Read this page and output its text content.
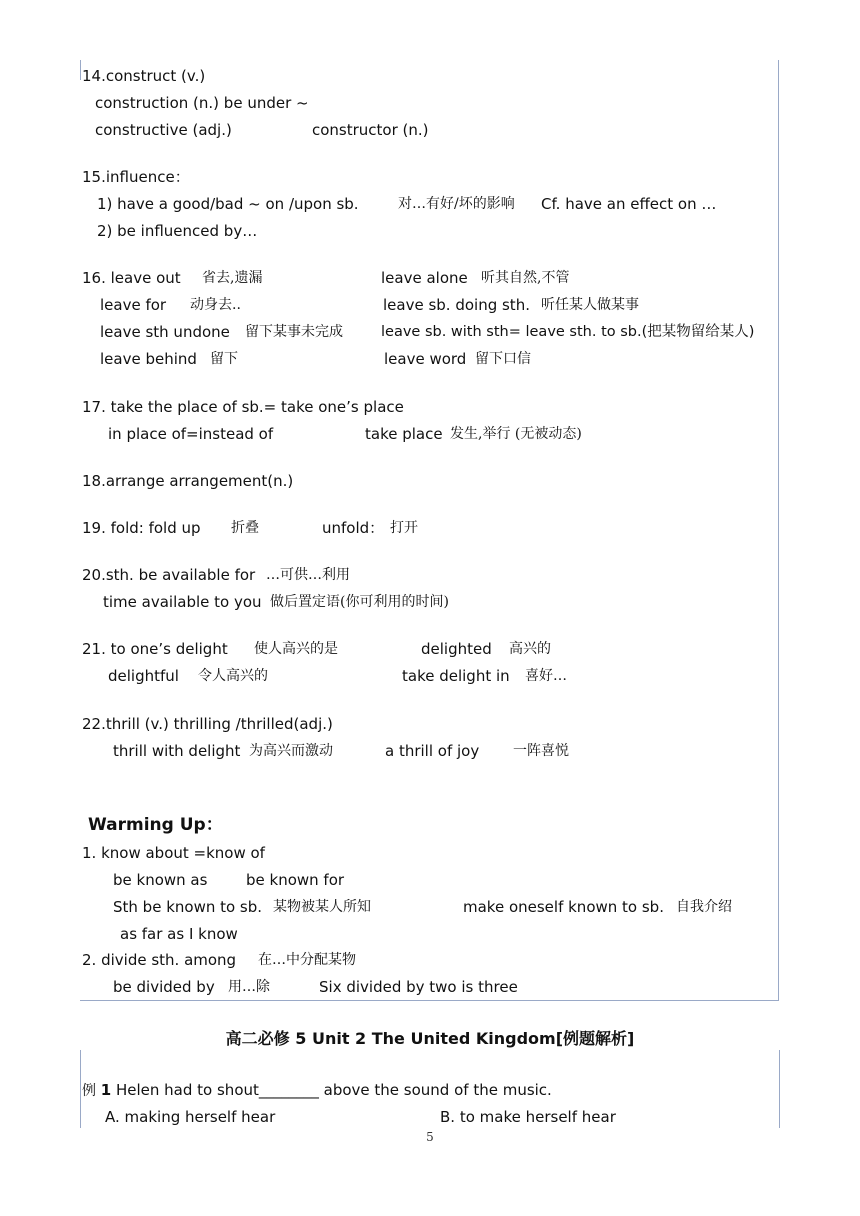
14.construct (v.)
construction (n.) be under ~
constructive (adj.)	constructor (n.)
15.influence：
1) have a good/bad ~ on /upon sb.	对…有好/坏的影响 Cf. have an effect on …
2) be influenced by…
16. leave out 省去,遗漏	leave alone 听其自然,不管
leave for 动身去..	leave sb. doing sth. 听任某人做某事
leave sth undone 留下某事未完成	leave sb. with sth= leave sth. to sb.(把某物留给某人)
leave behind 留下	leave word 留下口信
17. take the place of sb.= take one’s place
in place of=instead of	take place 发生,举行 (无被动态)
18.arrange arrangement(n.)
19. fold: fold up 折叠	unfold： 打开
20.sth. be available for …可供…利用
time available to you 做后置定语(你可利用的时间)
21. to one’s delight 使人高兴的是	delighted 高兴的
delightful 令人高兴的	take delight in 喜好…
22.thrill (v.) thrilling /thrilled(adj.)
thrill with delight 为高兴而激动	a thrill of joy 一阵喜悦
Warming Up：
1. know about =know of
be known as	be known for
Sth be known to sb. 某物被某人所知	make oneself known to sb. 自我介绍
as far as I know
2. divide sth. among 在…中分配某物
be divided by 用…除	Six divided by two is three
高二必修 5 Unit 2 The United Kingdom[例题解析]
例 1 Helen had to shout________ above the sound of the music.
A. making herself hear	B. to make herself hear
5
